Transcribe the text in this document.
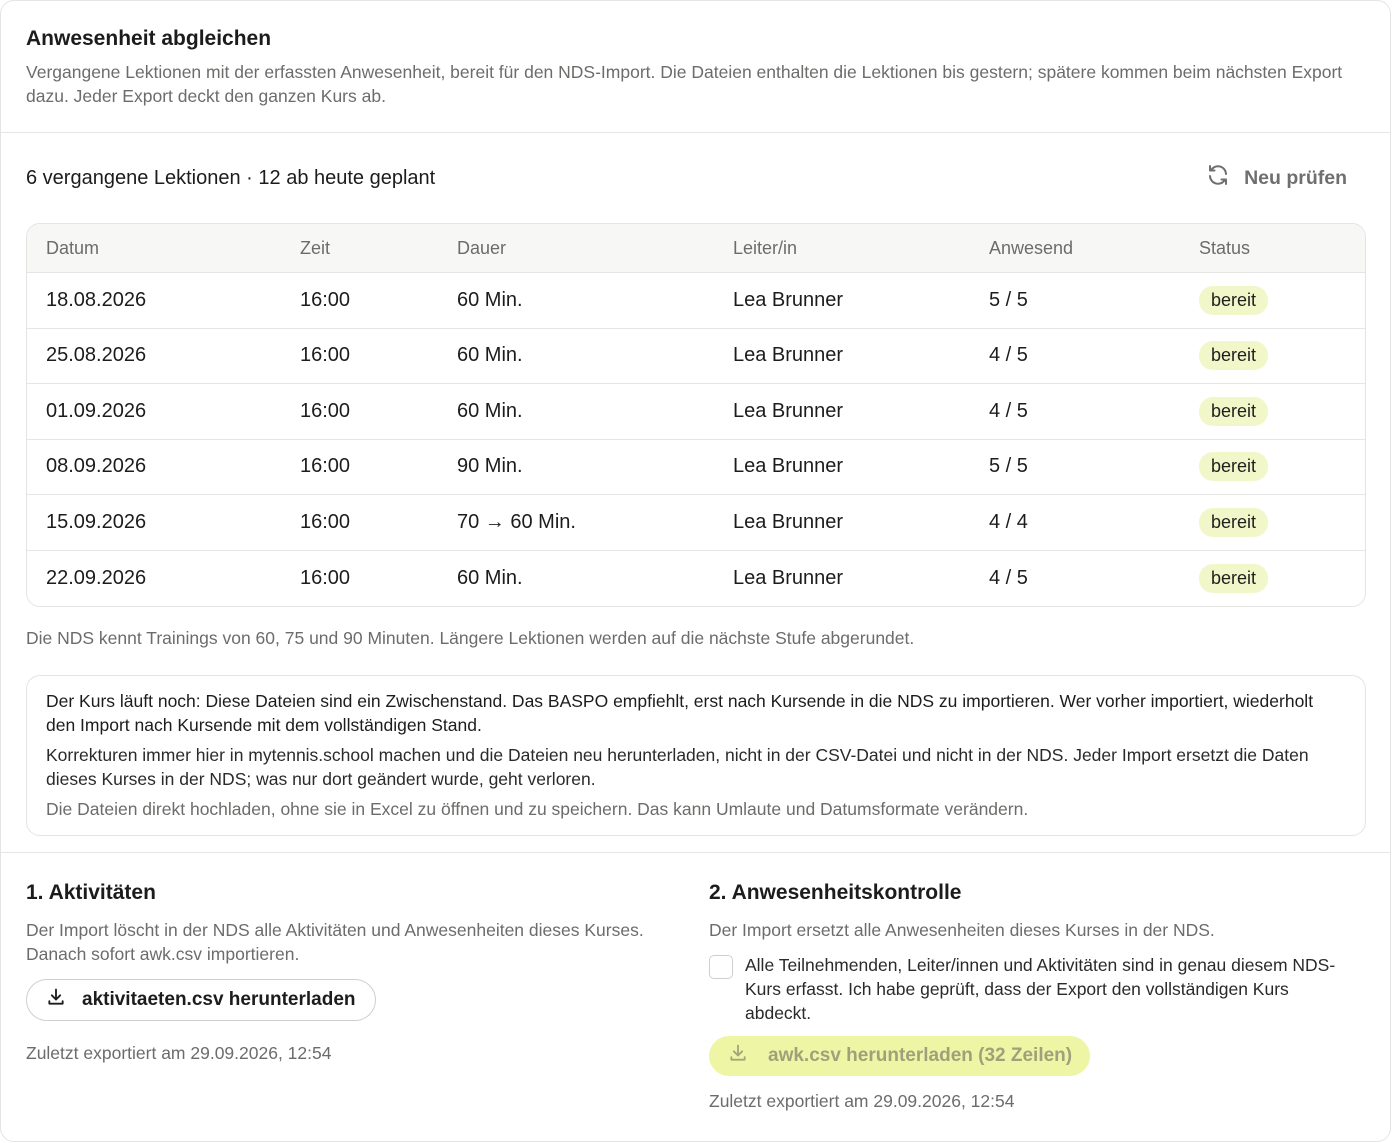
Anwesenheit abgleichen
Vergangene Lektionen mit der erfassten Anwesenheit, bereit für den NDS-Import. Die Dateien enthalten die Lektionen bis gestern; spätere kommen beim nächsten Export dazu. Jeder Export deckt den ganzen Kurs ab.
6 vergangene Lektionen · 12 ab heute geplant	Neu prüfen
Datum	Zeit	Dauer	Leiter/in	Anwesend	Status
18.08.2026	16:00	60 Min.	Lea Brunner	5 / 5	bereit
25.08.2026	16:00	60 Min.	Lea Brunner	4 / 5	bereit
01.09.2026	16:00	60 Min.	Lea Brunner	4 / 5	bereit
08.09.2026	16:00	90 Min.	Lea Brunner	5 / 5	bereit
15.09.2026	16:00	70 → 60 Min.	Lea Brunner	4 / 4	bereit
22.09.2026	16:00	60 Min.	Lea Brunner	4 / 5	bereit
Die NDS kennt Trainings von 60, 75 und 90 Minuten. Längere Lektionen werden auf die nächste Stufe abgerundet.

Der Kurs läuft noch: Diese Dateien sind ein Zwischenstand. Das BASPO empfiehlt, erst nach Kursende in die NDS zu importieren. Wer vorher importiert, wiederholt den Import nach Kursende mit dem vollständigen Stand.

Korrekturen immer hier in mytennis.school machen und die Dateien neu herunterladen, nicht in der CSV-Datei und nicht in der NDS. Jeder Import ersetzt die Daten dieses Kurses in der NDS; was nur dort geändert wurde, geht verloren.

Die Dateien direkt hochladen, ohne sie in Excel zu öffnen und zu speichern. Das kann Umlaute und Datumsformate verändern.

1. Aktivitäten
Der Import löscht in der NDS alle Aktivitäten und Anwesenheiten dieses Kurses. Danach sofort awk.csv importieren.
aktivitaeten.csv herunterladen
Zuletzt exportiert am 29.09.2026, 12:54
2. Anwesenheitskontrolle
Der Import ersetzt alle Anwesenheiten dieses Kurses in der NDS.
Alle Teilnehmenden, Leiter/innen und Aktivitäten sind in genau diesem NDS-Kurs erfasst. Ich habe geprüft, dass der Export den vollständigen Kurs abdeckt.
awk.csv herunterladen (32 Zeilen)
Zuletzt exportiert am 29.09.2026, 12:54
